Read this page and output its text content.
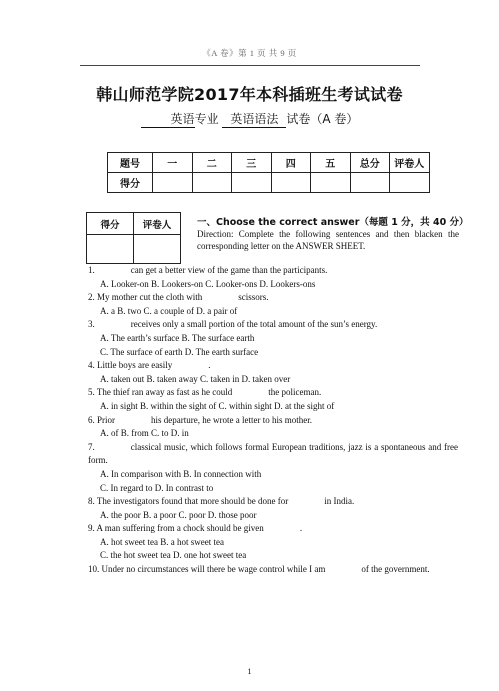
《A 卷》第 1 页 共 9 页
韩山师范学院2017年本科插班生考试试卷
英语专业 英语语法 试卷（A 卷）
题号	一	二	三	四	五	总分	评卷人
得分							
得分	评卷人
		一、Choose the correct answer（每题 1 分，共 40 分）
Direction: Complete the following sentences and then blacken the corresponding letter on the ANSWER SHEET.
1.	can get a better view of the game than the participants.
A. Looker-on B. Lookers-on C. Looker-ons D. Lookers-ons
2. My mother cut the cloth with	scissors.
A. a B. two C. a couple of D. a pair of
3.	receives only a small portion of the total amount of the sun’s energy.
A. The earth’s surface B. The surface earth
C. The surface of earth D. The earth surface
4. Little boys are easily	.
A. taken out B. taken away C. taken in D. taken over
5. The thief ran away as fast as he could	the policeman.
A. in sight B. within the sight of C. within sight D. at the sight of
6. Prior	his departure, he wrote a letter to his mother.
A. of B. from C. to D. in
7.	classical music, which follows formal European traditions, jazz is a spontaneous and free form.
A. In comparison with B. In connection with
C. In regard to D. In contrast to
8. The investigators found that more should be done for	in India.
A. the poor B. a poor C. poor D. those poor
9. A man suffering from a chock should be given	.
A. hot sweet tea B. a hot sweet tea
C. the hot sweet tea D. one hot sweet tea
10. Under no circumstances will there be wage control while I am	of the government.
1
